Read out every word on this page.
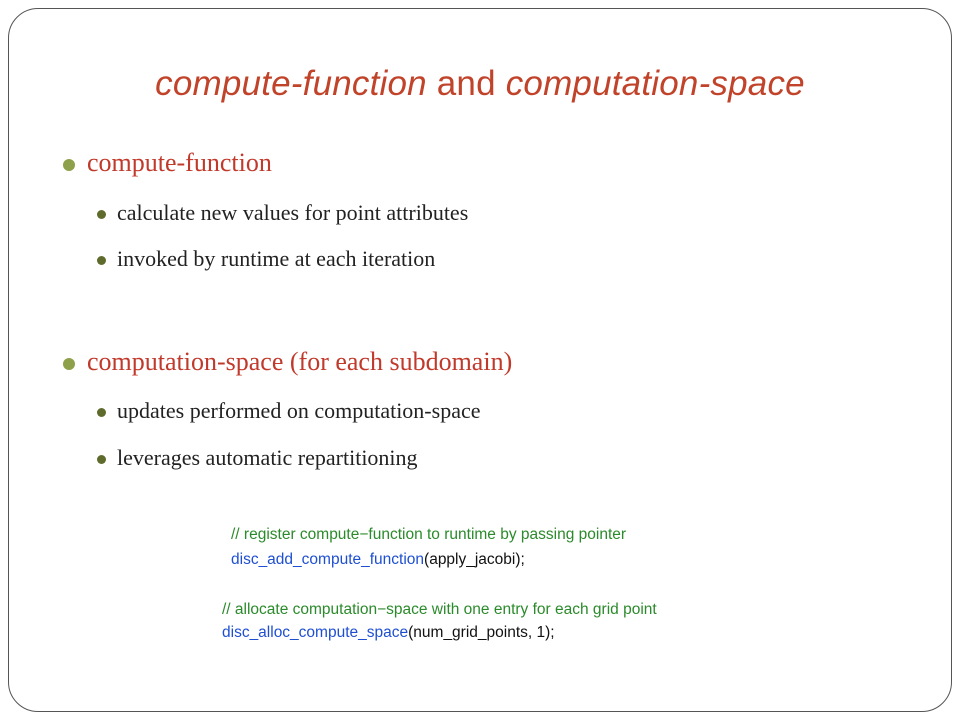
compute-function and computation-space
compute-function
calculate new values for point attributes
invoked by runtime at each iteration
computation-space (for each subdomain)
updates performed on computation-space
leverages automatic repartitioning
// register compute−function to runtime by passing pointer
disc_add_compute_function(apply_jacobi);
// allocate computation−space with one entry for each grid point
disc_alloc_compute_space(num_grid_points, 1);
